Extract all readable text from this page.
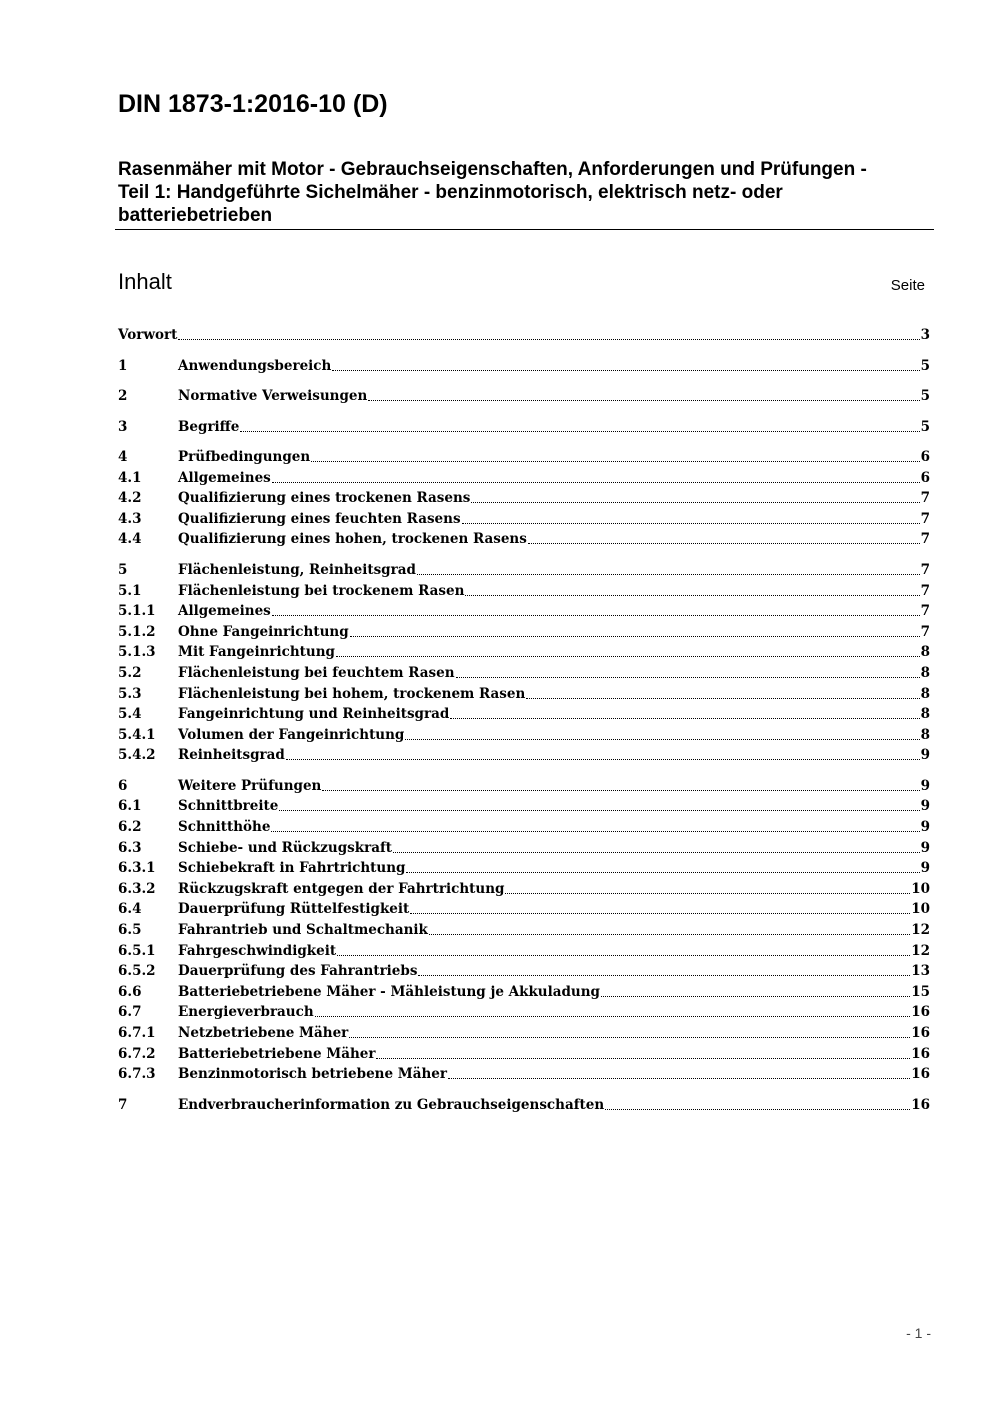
DIN 1873-1:2016-10 (D)
Rasenmäher mit Motor - Gebrauchseigenschaften, Anforderungen und Prüfungen -
Teil 1: Handgeführte Sichelmäher - benzinmotorisch, elektrisch netz- oder
batteriebetrieben
Inhalt	Seite
Vorwort	3
1	Anwendungsbereich	5
2	Normative Verweisungen	5
3	Begriffe	5
4	Prüfbedingungen	6
4.1	Allgemeines	6
4.2	Qualifizierung eines trockenen Rasens	7
4.3	Qualifizierung eines feuchten Rasens	7
4.4	Qualifizierung eines hohen, trockenen Rasens	7
5	Flächenleistung, Reinheitsgrad	7
5.1	Flächenleistung bei trockenem Rasen	7
5.1.1	Allgemeines	7
5.1.2	Ohne Fangeinrichtung	7
5.1.3	Mit Fangeinrichtung	8
5.2	Flächenleistung bei feuchtem Rasen	8
5.3	Flächenleistung bei hohem, trockenem Rasen	8
5.4	Fangeinrichtung und Reinheitsgrad	8
5.4.1	Volumen der Fangeinrichtung	8
5.4.2	Reinheitsgrad	9
6	Weitere Prüfungen	9
6.1	Schnittbreite	9
6.2	Schnitthöhe	9
6.3	Schiebe- und Rückzugskraft	9
6.3.1	Schiebekraft in Fahrtrichtung	9
6.3.2	Rückzugskraft entgegen der Fahrtrichtung	10
6.4	Dauerprüfung Rüttelfestigkeit	10
6.5	Fahrantrieb und Schaltmechanik	12
6.5.1	Fahrgeschwindigkeit	12
6.5.2	Dauerprüfung des Fahrantriebs	13
6.6	Batteriebetriebene Mäher - Mähleistung je Akkuladung	15
6.7	Energieverbrauch	16
6.7.1	Netzbetriebene Mäher	16
6.7.2	Batteriebetriebene Mäher	16
6.7.3	Benzinmotorisch betriebene Mäher	16
7	Endverbraucherinformation zu Gebrauchseigenschaften	16
- 1 -
